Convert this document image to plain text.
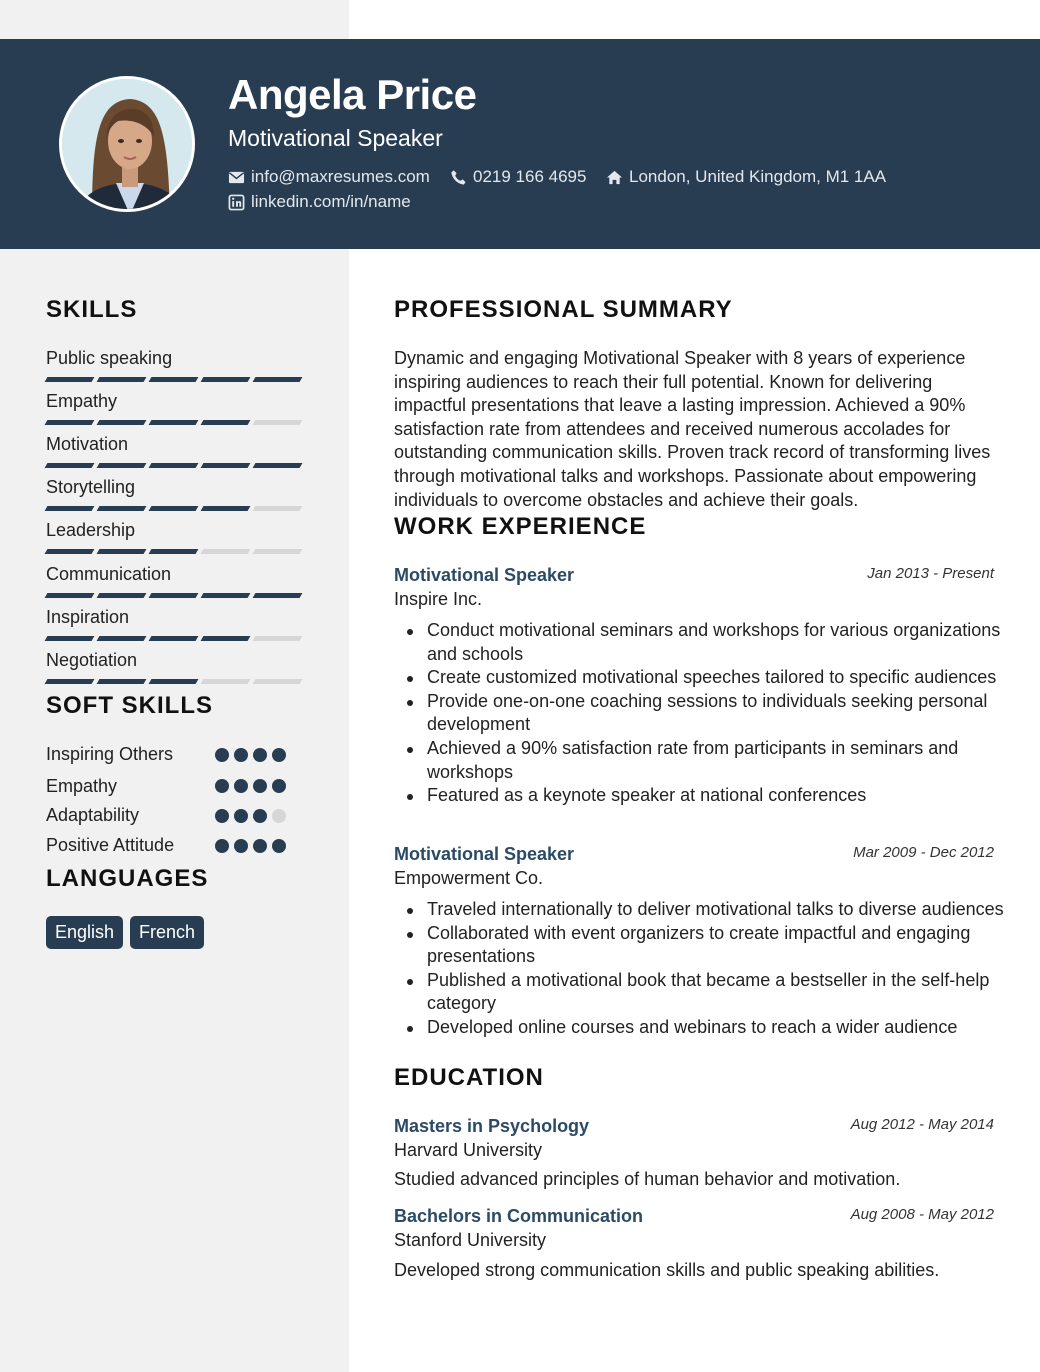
Angela Price
Motivational Speaker
info@maxresumes.com	0219 166 4695	London, United Kingdom, M1 1AA
linkedin.com/in/name
SKILLS
Public speaking
Empathy
Motivation
Storytelling
Leadership
Communication
Inspiration
Negotiation
SOFT SKILLS
Inspiring Others
Empathy
Adaptability
Positive Attitude
LANGUAGES
English	French
PROFESSIONAL SUMMARY
Dynamic and engaging Motivational Speaker with 8 years of experience inspiring audiences to reach their full potential. Known for delivering impactful presentations that leave a lasting impression. Achieved a 90% satisfaction rate from attendees and received numerous accolades for outstanding communication skills. Proven track record of transforming lives through motivational talks and workshops. Passionate about empowering individuals to overcome obstacles and achieve their goals.
WORK EXPERIENCE
Motivational Speaker	Jan 2013 - Present
Inspire Inc.
Conduct motivational seminars and workshops for various organizations and schools
Create customized motivational speeches tailored to specific audiences
Provide one-on-one coaching sessions to individuals seeking personal development
Achieved a 90% satisfaction rate from participants in seminars and workshops
Featured as a keynote speaker at national conferences
Motivational Speaker	Mar 2009 - Dec 2012
Empowerment Co.
Traveled internationally to deliver motivational talks to diverse audiences
Collaborated with event organizers to create impactful and engaging presentations
Published a motivational book that became a bestseller in the self-help category
Developed online courses and webinars to reach a wider audience
EDUCATION
Masters in Psychology	Aug 2012 - May 2014
Harvard University
Studied advanced principles of human behavior and motivation.
Bachelors in Communication	Aug 2008 - May 2012
Stanford University
Developed strong communication skills and public speaking abilities.
